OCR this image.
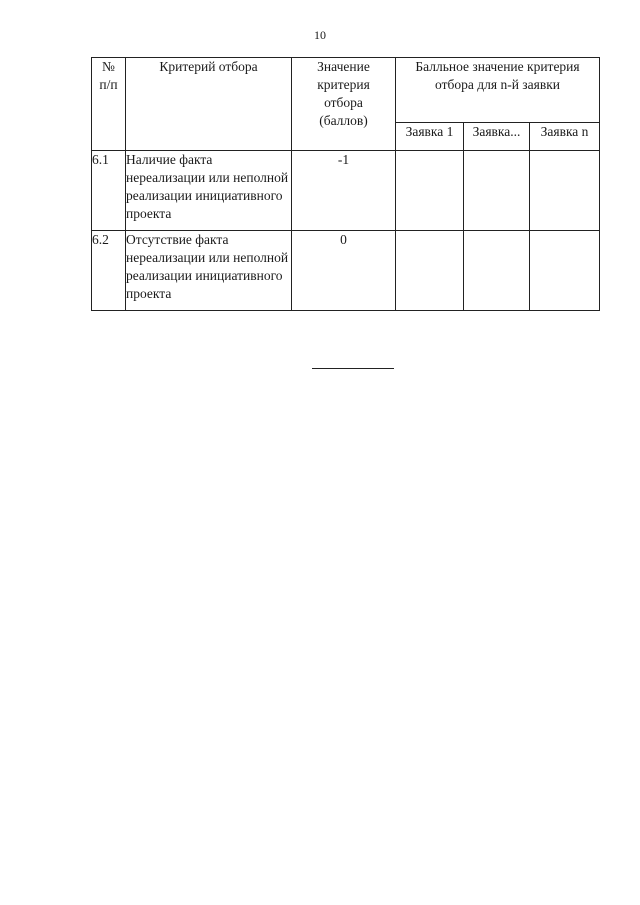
10
№ п/п	Критерий отбора	Значение критерия отбора (баллов)	Балльное значение критерия отбора для n-й заявки		
			Заявка 1	Заявка...	Заявка n
6.1	Наличие факта нереализации или неполной реализации инициативного проекта	-1			
6.2	Отсутствие факта нереализации или неполной реализации инициативного проекта	0			
